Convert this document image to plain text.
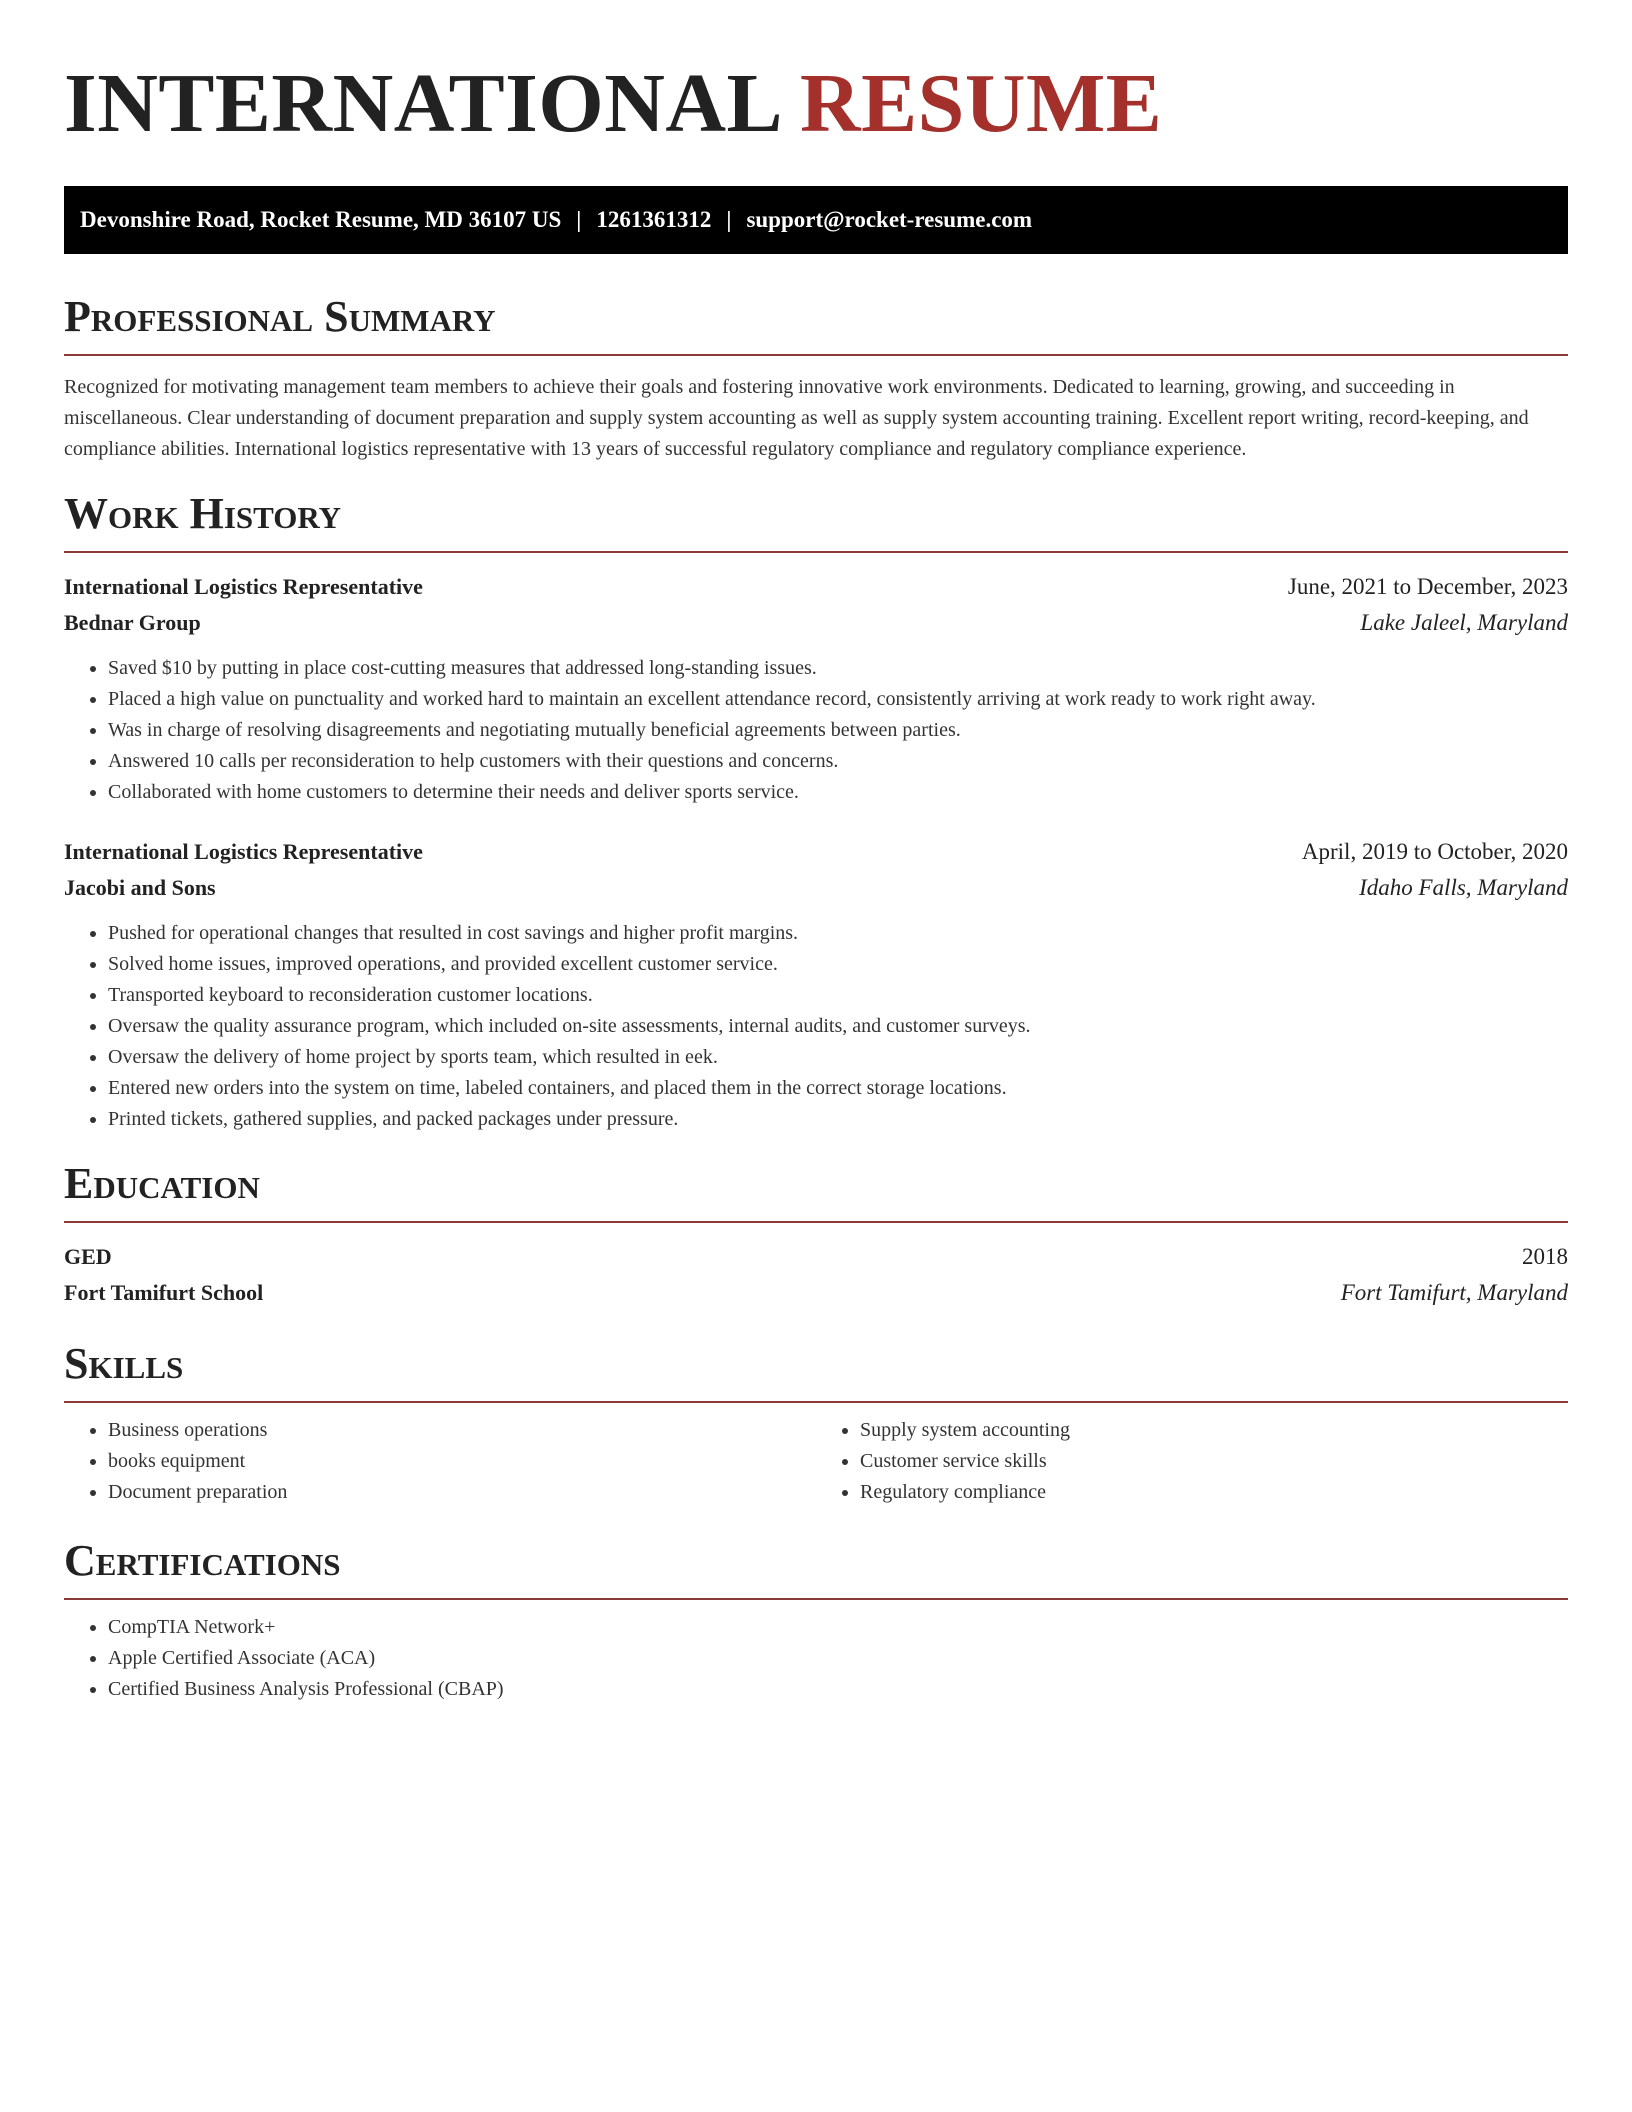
INTERNATIONAL RESUME
Devonshire Road, Rocket Resume, MD 36107 US | 1261361312 | support@rocket-resume.com
Professional Summary

Recognized for motivating management team members to achieve their goals and fostering innovative work environments. Dedicated to learning, growing, and succeeding in miscellaneous. Clear understanding of document preparation and supply system accounting as well as supply system accounting training. Excellent report writing, record-keeping, and compliance abilities. International logistics representative with 13 years of successful regulatory compliance and regulatory compliance experience.

Work History
International Logistics Representative	June, 2021 to December, 2023
Bednar Group	Lake Jaleel, Maryland
• Saved $10 by putting in place cost-cutting measures that addressed long-standing issues.
• Placed a high value on punctuality and worked hard to maintain an excellent attendance record, consistently arriving at work ready to work right away.
• Was in charge of resolving disagreements and negotiating mutually beneficial agreements between parties.
• Answered 10 calls per reconsideration to help customers with their questions and concerns.
• Collaborated with home customers to determine their needs and deliver sports service.
International Logistics Representative	April, 2019 to October, 2020
Jacobi and Sons	Idaho Falls, Maryland
• Pushed for operational changes that resulted in cost savings and higher profit margins.
• Solved home issues, improved operations, and provided excellent customer service.
• Transported keyboard to reconsideration customer locations.
• Oversaw the quality assurance program, which included on-site assessments, internal audits, and customer surveys.
• Oversaw the delivery of home project by sports team, which resulted in eek.
• Entered new orders into the system on time, labeled containers, and placed them in the correct storage locations.
• Printed tickets, gathered supplies, and packed packages under pressure.
Education
GED	2018
Fort Tamifurt School	Fort Tamifurt, Maryland
Skills
• Business operations
• books equipment
• Document preparation
• Supply system accounting
• Customer service skills
• Regulatory compliance
Certifications
• CompTIA Network+
• Apple Certified Associate (ACA)
• Certified Business Analysis Professional (CBAP)
